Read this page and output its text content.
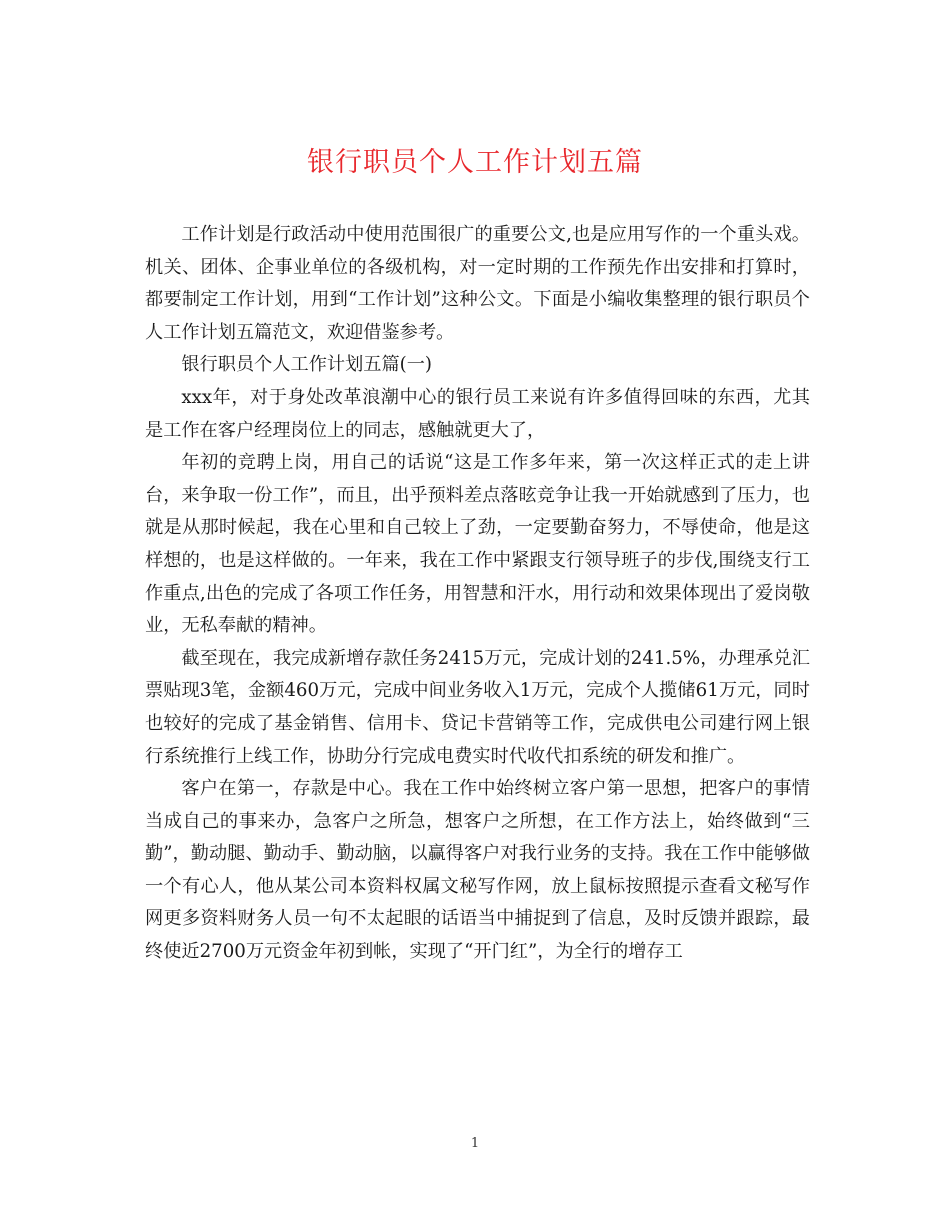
银行职员个人工作计划五篇

工作计划是行政活动中使用范围很广的重要公文,也是应用写作的一个重头戏。机关、团体、企事业单位的各级机构，对一定时期的工作预先作出安排和打算时，都要制定工作计划，用到“工作计划”这种公文。下面是小编收集整理的银行职员个人工作计划五篇范文，欢迎借鉴参考。

银行职员个人工作计划五篇(一)

xxx年，对于身处改革浪潮中心的银行员工来说有许多值得回味的东西，尤其是工作在客户经理岗位上的同志，感触就更大了，

年初的竞聘上岗，用自己的话说“这是工作多年来，第一次这样正式的走上讲台，来争取一份工作”，而且，出乎预料差点落昡竞争让我一开始就感到了压力，也就是从那时候起，我在心里和自己较上了劲，一定要勤奋努力，不辱使命，他是这样想的，也是这样做的。一年来，我在工作中紧跟支行领导班子的步伐,围绕支行工作重点,出色的完成了各项工作任务，用智慧和汗水，用行动和效果体现出了爱岗敬业，无私奉献的精神。

截至现在，我完成新增存款任务2415万元，完成计划的241.5%，办理承兑汇票贴现3笔，金额460万元，完成中间业务收入1万元，完成个人揽储61万元，同时也较好的完成了基金销售、信用卡、贷记卡营销等工作，完成供电公司建行网上银行系统推行上线工作，协助分行完成电费实时代收代扣系统的研发和推广。

客户在第一，存款是中心。我在工作中始终树立客户第一思想，把客户的事情当成自己的事来办，急客户之所急，想客户之所想，在工作方法上，始终做到“三勤”，勤动腿、勤动手、勤动脑，以赢得客户对我行业务的支持。我在工作中能够做一个有心人，他从某公司本资料权属文秘写作网，放上鼠标按照提示查看文秘写作网更多资料财务人员一句不太起眼的话语当中捕捉到了信息，及时反馈并跟踪，最终使近2700万元资金年初到帐，实现了“开门红”，为全行的增存工

1
